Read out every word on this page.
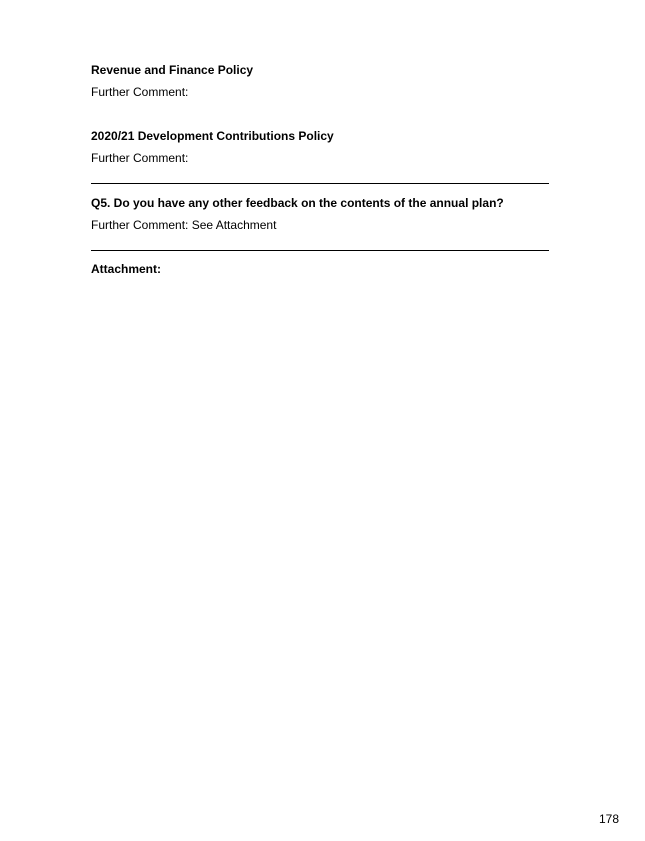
Revenue and Finance Policy
Further Comment:
2020/21 Development Contributions Policy
Further Comment:
Q5. Do you have any other feedback on the contents of the annual plan?
Further Comment: See Attachment
Attachment:
178
